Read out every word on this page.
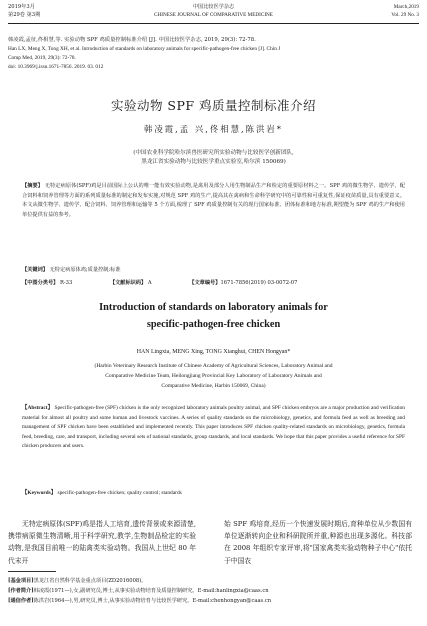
2019年3月
第29卷 第3期
中国比较医学杂志
CHINESE JOURNAL OF COMPARATIVE MEDICINE
March,2019
Vol. 29 No. 3
韩凌霞,孟征,佟相慧,等. 实验动物 SPF 鸡质量控制标准介绍 [J]. 中国比较医学杂志, 2019, 29(3): 72-78.
Han LX, Meng X, Tong XH, et al. Introduction of standards on laboratory animals for specific-pathogen-free chicken [J]. Chin J
Comp Med, 2019, 29(3): 72-78.
doi: 10.3969/j.issn.1671-7856. 2019. 03. 012
实验动物 SPF 鸡质量控制标准介绍
韩凌霞,孟 兴,佟相慧,陈洪岩*
(中国农业科学院哈尔滨兽医研究所实验动物与比较医学创新团队,
黑龙江省实验动物与比较医学重点实验室,哈尔滨 150069)
【摘要】 无特定病原体(SPF)鸡是目前国际上公认的唯一能有效实验动物,是禽用及部分人用生物制品生产和检定的重要原材料之一。SPF 鸡的微生物学、遗传学、配合饲料和饲养管理等方面的系列质量标准的制定和发布实施,对规范 SPF 鸡的生产,提高其在禽病和生命科学研究中的可靠性和可重复性,保证疫苗质量,具有重要意义。本文从微生物学、遗传学、配合饲料、饲养管理和运输等 5 个方面,梳理了 SPF 鸡质量控制有关的现行国家标准、团体标准和地方标准,期望能为 SPF 鸡的生产和使用单位提供有益的参考。
【关键词】 无特定病原体鸡;质量控制;标准
【中图分类号】 R-33	【文献标识码】 A	【文章编号】1671-7856(2019) 03-0072-07
Introduction of standards on laboratory animals for
specific-pathogen-free chicken
HAN Lingxia, MENG Xing, TONG Xianghui, CHEN Hongyan*
(Harbin Veterinary Research Institute of Chinese Academy of Agricultural Sciences, Laboratory Animal and
Comparative Medicine Team, Heilongjiang Provincial Key Laboratory of Laboratory Animals and
Comparative Medicine, Harbin 150069, China)
【Abstract】 Specific-pathogen-free (SPF) chicken is the only recognized laboratory animals poultry animal, and SPF chicken embryos are a major production and verification material for almost all poultry and some human and livestock vaccines. A series of quality standards on the microbiology, genetics, and formula feed as well as breeding and management of SPF chicken have been established and implemented recently. This paper introduces SPF chicken quality-related standards on microbiology, genetics, formula feed, breeding, care, and transport, including several sets of national standards, group standards, and local standards. We hope that this paper provides a useful reference for SPF chicken producers and users.
【Keywords】 specific-pathogen-free chicken; quality control; standards
无特定病原体(SPF)鸡是指人工培育,遗传背景或来源清楚,携带病原微生物清晰,用于科学研究,教学,生物制品检定的实验动物,是我国目前唯一的陆禽类实验动物。我国从上世纪 80 年代末开
始 SPF 鸡培育,经历一个快速发展时期后,育种单位从少数国有单位逐渐转向企业和科研院所并重,种源也出现多源化。科技部在 2008 年组织专家评审,将"国家禽类实验动物种子中心"依托于中国农
[基金项目]黑龙江省自然科学基金重点项目(ZD2016008)。
[作者简介]韩凌霞(1971—),女,副研究员,博士,从事实验动物培育及质量控制研究。E-mail:hanlingxia@caas.cn
[通信作者]陈洪岩(1964—),男,研究员,博士,从事实验动物培育与比较医学研究。E-mail:chenhongyan@caas.cn
